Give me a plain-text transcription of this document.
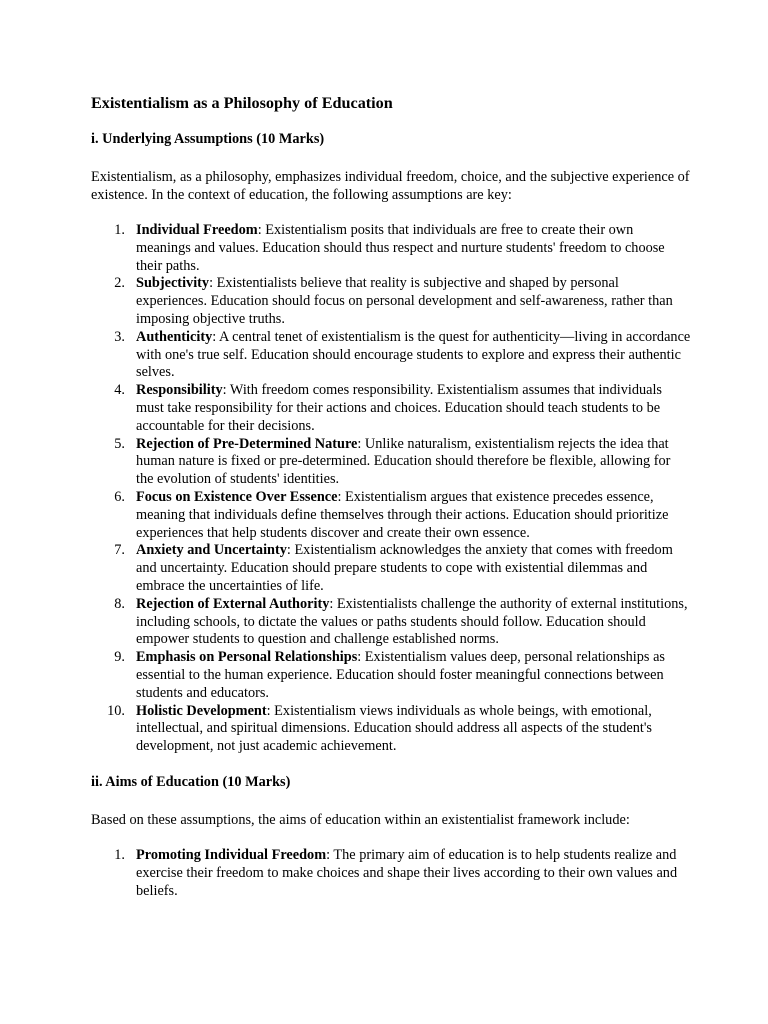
Existentialism as a Philosophy of Education
i. Underlying Assumptions (10 Marks)

Existentialism, as a philosophy, emphasizes individual freedom, choice, and the subjective experience of existence. In the context of education, the following assumptions are key:

1. Individual Freedom: Existentialism posits that individuals are free to create their own meanings and values. Education should thus respect and nurture students' freedom to choose their paths.
2. Subjectivity: Existentialists believe that reality is subjective and shaped by personal experiences. Education should focus on personal development and self-awareness, rather than imposing objective truths.
3. Authenticity: A central tenet of existentialism is the quest for authenticity—living in accordance with one's true self. Education should encourage students to explore and express their authentic selves.
4. Responsibility: With freedom comes responsibility. Existentialism assumes that individuals must take responsibility for their actions and choices. Education should teach students to be accountable for their decisions.
5. Rejection of Pre-Determined Nature: Unlike naturalism, existentialism rejects the idea that human nature is fixed or pre-determined. Education should therefore be flexible, allowing for the evolution of students' identities.
6. Focus on Existence Over Essence: Existentialism argues that existence precedes essence, meaning that individuals define themselves through their actions. Education should prioritize experiences that help students discover and create their own essence.
7. Anxiety and Uncertainty: Existentialism acknowledges the anxiety that comes with freedom and uncertainty. Education should prepare students to cope with existential dilemmas and embrace the uncertainties of life.
8. Rejection of External Authority: Existentialists challenge the authority of external institutions, including schools, to dictate the values or paths students should follow. Education should empower students to question and challenge established norms.
9. Emphasis on Personal Relationships: Existentialism values deep, personal relationships as essential to the human experience. Education should foster meaningful connections between students and educators.
10. Holistic Development: Existentialism views individuals as whole beings, with emotional, intellectual, and spiritual dimensions. Education should address all aspects of the student's development, not just academic achievement.
ii. Aims of Education (10 Marks)

Based on these assumptions, the aims of education within an existentialist framework include:

1. Promoting Individual Freedom: The primary aim of education is to help students realize and exercise their freedom to make choices and shape their lives according to their own values and beliefs.
